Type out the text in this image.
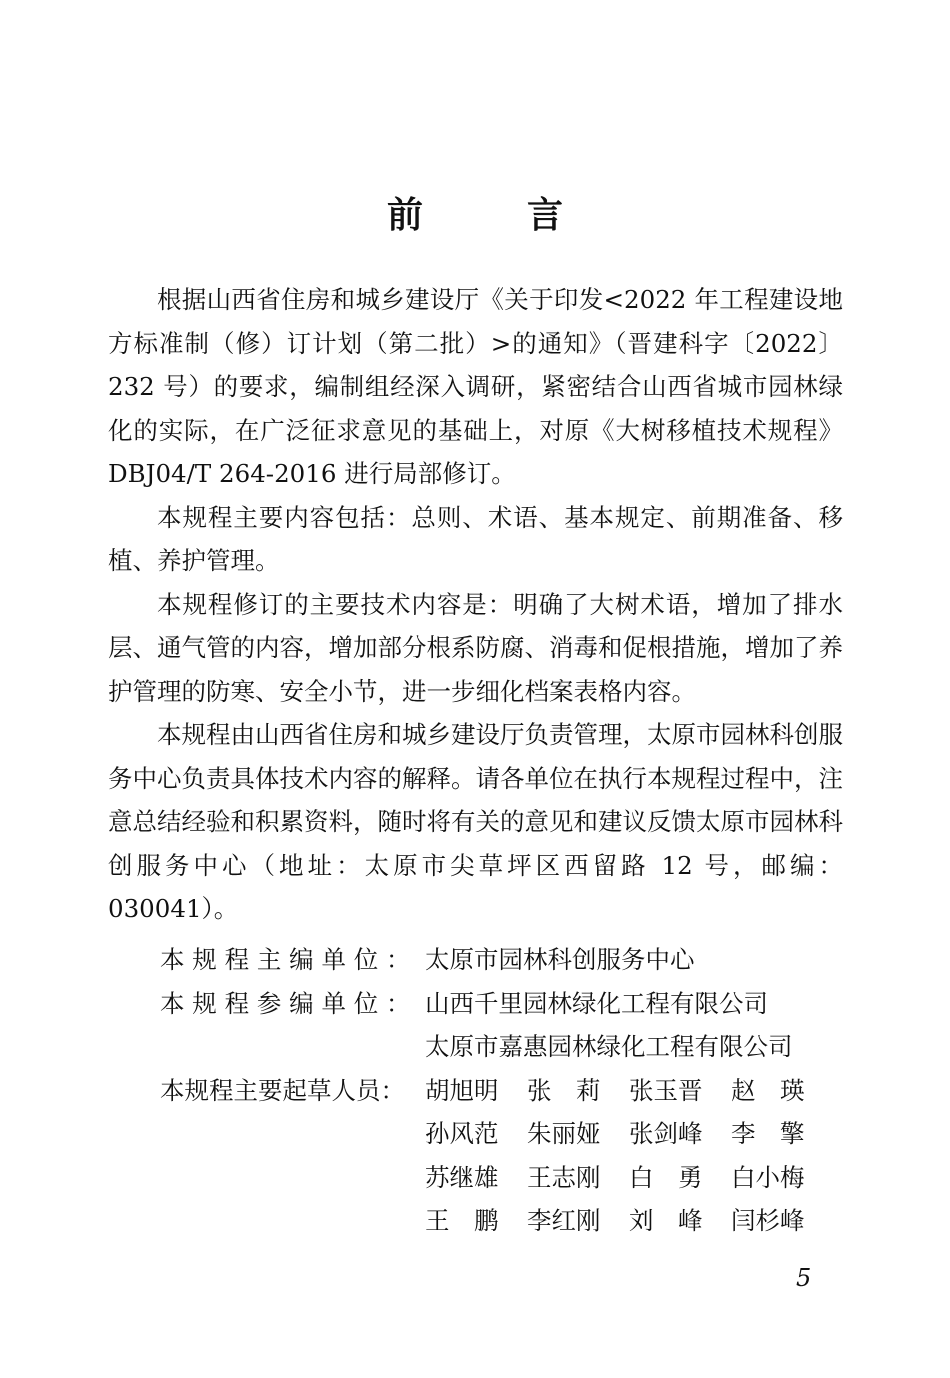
前　言

根据山西省住房和城乡建设厅《关于印发<2022 年工程建设地方标准制（修）订计划（第二批）>的通知》（晋建科字〔2022〕232 号）的要求，编制组经深入调研，紧密结合山西省城市园林绿化的实际，在广泛征求意见的基础上，对原《大树移植技术规程》DBJ04/T 264-2016 进行局部修订。

本规程主要内容包括：总则、术语、基本规定、前期准备、移植、养护管理。

本规程修订的主要技术内容是：明确了大树术语，增加了排水层、通气管的内容，增加部分根系防腐、消毒和促根措施，增加了养护管理的防寒、安全小节，进一步细化档案表格内容。

本规程由山西省住房和城乡建设厅负责管理，太原市园林科创服务中心负责具体技术内容的解释。请各单位在执行本规程过程中，注意总结经验和积累资料，随时将有关的意见和建议反馈太原市园林科创服务中心（地址：太原市尖草坪区西留路 12 号，邮编：030041）。

本 规 程 主 编 单 位 ： 太原市园林科创服务中心
本 规 程 参 编 单 位 ： 山西千里园林绿化工程有限公司
太原市嘉惠园林绿化工程有限公司
本规程主要起草人员： 胡旭明	张　莉	张玉晋	赵　瑛
孙风范	朱丽娅	张剑峰	李　擎
苏继雄	王志刚	白　勇	白小梅
王　鹏	李红刚	刘　峰	闫杉峰
5
